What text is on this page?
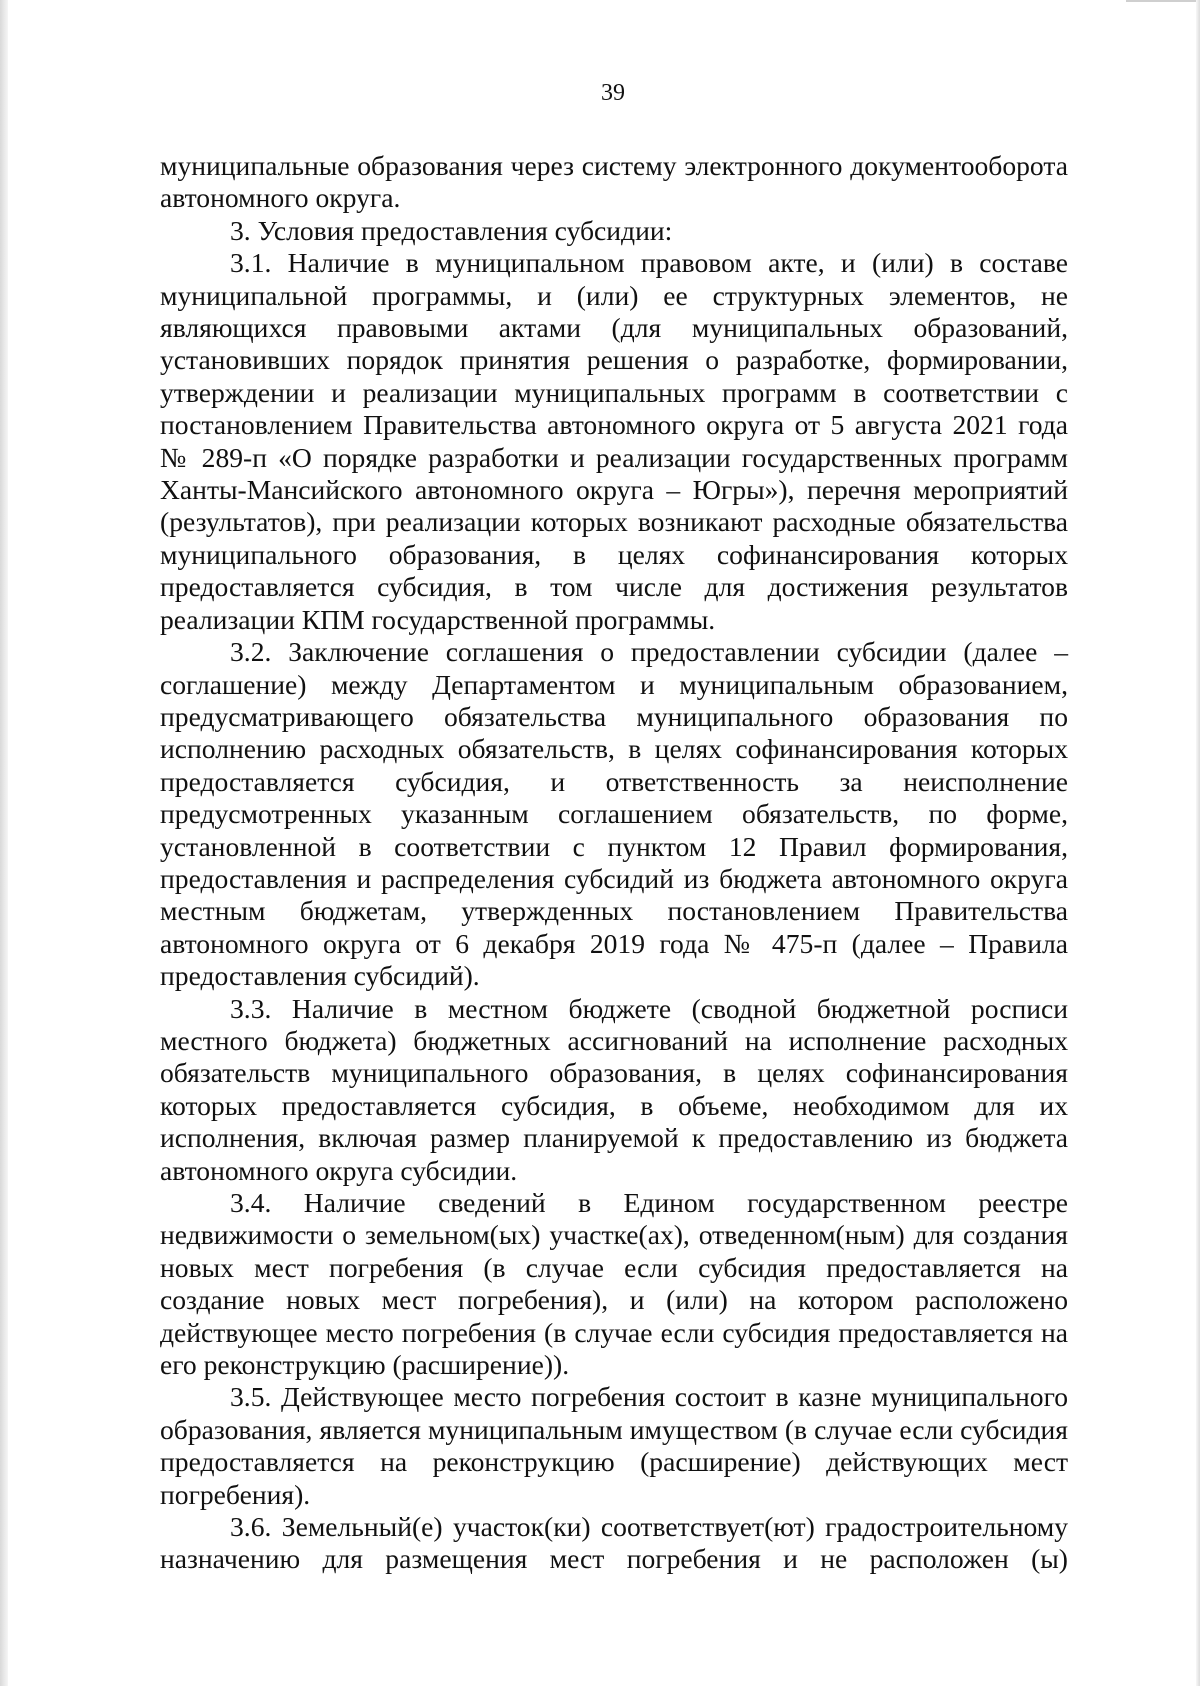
39

муниципальные образования через систему электронного документооборота автономного округа.

3. Условия предоставления субсидии:

3.1. Наличие в муниципальном правовом акте, и (или) в составе муниципальной программы, и (или) ее структурных элементов, не являющихся правовыми актами (для муниципальных образований, установивших порядок принятия решения о разработке, формировании, утверждении и реализации муниципальных программ в соответствии с постановлением Правительства автономного округа от 5 августа 2021 года № 289-п «О порядке разработки и реализации государственных программ Ханты-Мансийского автономного округа – Югры»), перечня мероприятий (результатов), при реализации которых возникают расходные обязательства муниципального образования, в целях софинансирования которых предоставляется субсидия, в том числе для достижения результатов реализации КПМ государственной программы.

3.2. Заключение соглашения о предоставлении субсидии (далее – соглашение) между Департаментом и муниципальным образованием, предусматривающего обязательства муниципального образования по исполнению расходных обязательств, в целях софинансирования которых предоставляется субсидия, и ответственность за неисполнение предусмотренных указанным соглашением обязательств, по форме, установленной в соответствии с пунктом 12 Правил формирования, предоставления и распределения субсидий из бюджета автономного округа местным бюджетам, утвержденных постановлением Правительства автономного округа от 6 декабря 2019 года № 475-п (далее – Правила предоставления субсидий).

3.3. Наличие в местном бюджете (сводной бюджетной росписи местного бюджета) бюджетных ассигнований на исполнение расходных обязательств муниципального образования, в целях софинансирования которых предоставляется субсидия, в объеме, необходимом для их исполнения, включая размер планируемой к предоставлению из бюджета автономного округа субсидии.

3.4. Наличие сведений в Едином государственном реестре недвижимости о земельном(ых) участке(ах), отведенном(ным) для создания новых мест погребения (в случае если субсидия предоставляется на создание новых мест погребения), и (или) на котором расположено действующее место погребения (в случае если субсидия предоставляется на его реконструкцию (расширение)).

3.5. Действующее место погребения состоит в казне муниципального образования, является муниципальным имуществом (в случае если субсидия предоставляется на реконструкцию (расширение) действующих мест погребения).

3.6. Земельный(е) участок(ки) соответствует(ют) градостроительному назначению для размещения мест погребения и не расположен (ы)
